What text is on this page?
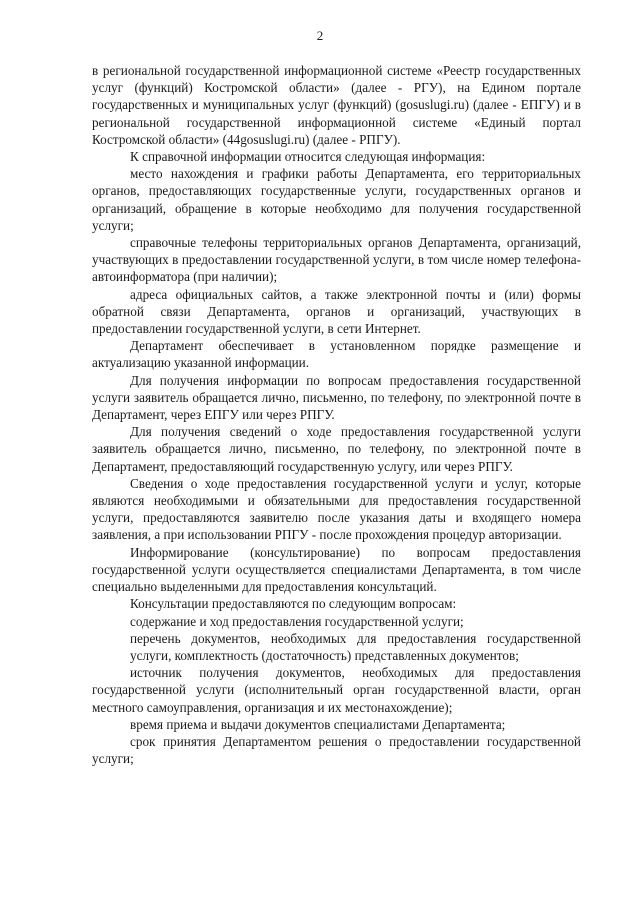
2

в региональной государственной информационной системе «Реестр государственных услуг (функций) Костромской области» (далее - РГУ), на Едином портале государственных и муниципальных услуг (функций) (gosuslugi.ru) (далее - ЕПГУ) и в региональной государственной информационной системе «Единый портал Костромской области» (44gosuslugi.ru) (далее - РПГУ).

К справочной информации относится следующая информация:

место нахождения и графики работы Департамента, его территориальных органов, предоставляющих государственные услуги, государственных органов и организаций, обращение в которые необходимо для получения государственной услуги;

справочные телефоны территориальных органов Департамента, организаций, участвующих в предоставлении государственной услуги, в том числе номер телефона-автоинформатора (при наличии);

адреса официальных сайтов, а также электронной почты и (или) формы обратной связи Департамента, органов и организаций, участвующих в предоставлении государственной услуги, в сети Интернет.

Департамент обеспечивает в установленном порядке размещение и актуализацию указанной информации.

Для получения информации по вопросам предоставления государственной услуги заявитель обращается лично, письменно, по телефону, по электронной почте в Департамент, через ЕПГУ или через РПГУ.

Для получения сведений о ходе предоставления государственной услуги заявитель обращается лично, письменно, по телефону, по электронной почте в Департамент, предоставляющий государственную услугу, или через РПГУ.

Сведения о ходе предоставления государственной услуги и услуг, которые являются необходимыми и обязательными для предоставления государственной услуги, предоставляются заявителю после указания даты и входящего номера заявления, а при использовании РПГУ - после прохождения процедур авторизации.

Информирование (консультирование) по вопросам предоставления государственной услуги осуществляется специалистами Департамента, в том числе специально выделенными для предоставления консультаций.

Консультации предоставляются по следующим вопросам:

содержание и ход предоставления государственной услуги;

перечень документов, необходимых для предоставления государственной услуги, комплектность (достаточность) представленных документов;

источник получения документов, необходимых для предоставления государственной услуги (исполнительный орган государственной власти, орган местного самоуправления, организация и их местонахождение);

время приема и выдачи документов специалистами Департамента;

срок принятия Департаментом решения о предоставлении государственной услуги;
